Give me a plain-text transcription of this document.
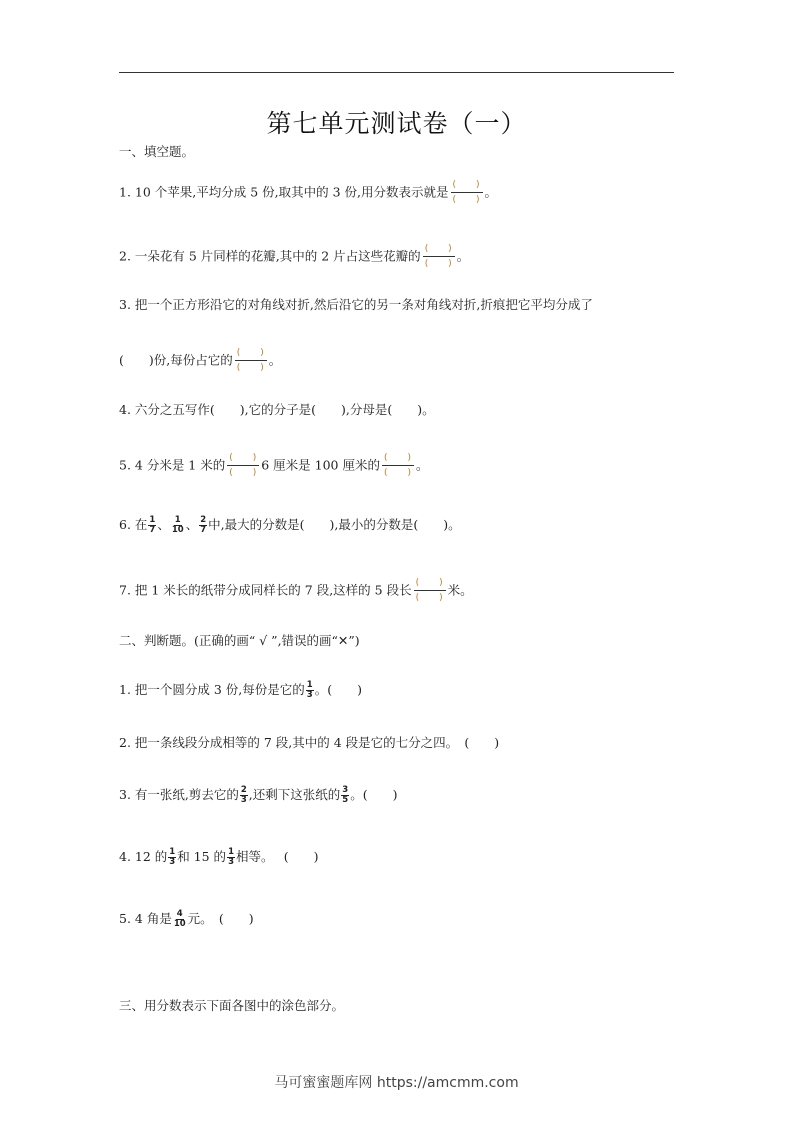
第七单元测试卷（一）
一、填空题。
1. 10 个苹果,平均分成 5 份,取其中的 3 份,用分数表示就是 ( )
( )
。
2. 一朵花有 5 片同样的花瓣,其中的 2 片占这些花瓣的 ( )
( )
。
3. 把一个正方形沿它的对角线对折,然后沿它的另一条对角线对折,折痕把它平均分成了
(　　)份,每份占它的 ( )
( )
。
4. 六分之五写作(　　),它的分子是(　　),分母是(　　)。
5. 4 分米是 1 米的 ( )
( )
6 厘米是 100 厘米的 ( )
( )
。
6. 在 $\frac{1}{7}$ 、 $\frac{1}{10}$ 、 $\frac{2}{7}$ 中,最大的分数是(　　),最小的分数是(　　)。
7. 把 1 米长的纸带分成同样长的 7 段,这样的 5 段长 ( )
( )
米。
二、判断题。(正确的画“ √ ”,错误的画“✕”)
1. 把一个圆分成 3 份,每份是它的 $\frac{1}{3}$ 。(　　)
2. 把一条线段分成相等的 7 段,其中的 4 段是它的七分之四。　(　　)
3. 有一张纸,剪去它的 $\frac{2}{3}$ ,还剩下这张纸的 $\frac{3}{5}$ 。(　　)
4. 12 的 $\frac{1}{3}$ 和 15 的 $\frac{1}{3}$ 相等。　 (　　)
5. 4 角是 $\frac{4}{10}$ 元。　(　　)
三、用分数表示下面各图中的涂色部分。
马可蜜蜜题库网 https://amcmm.com
